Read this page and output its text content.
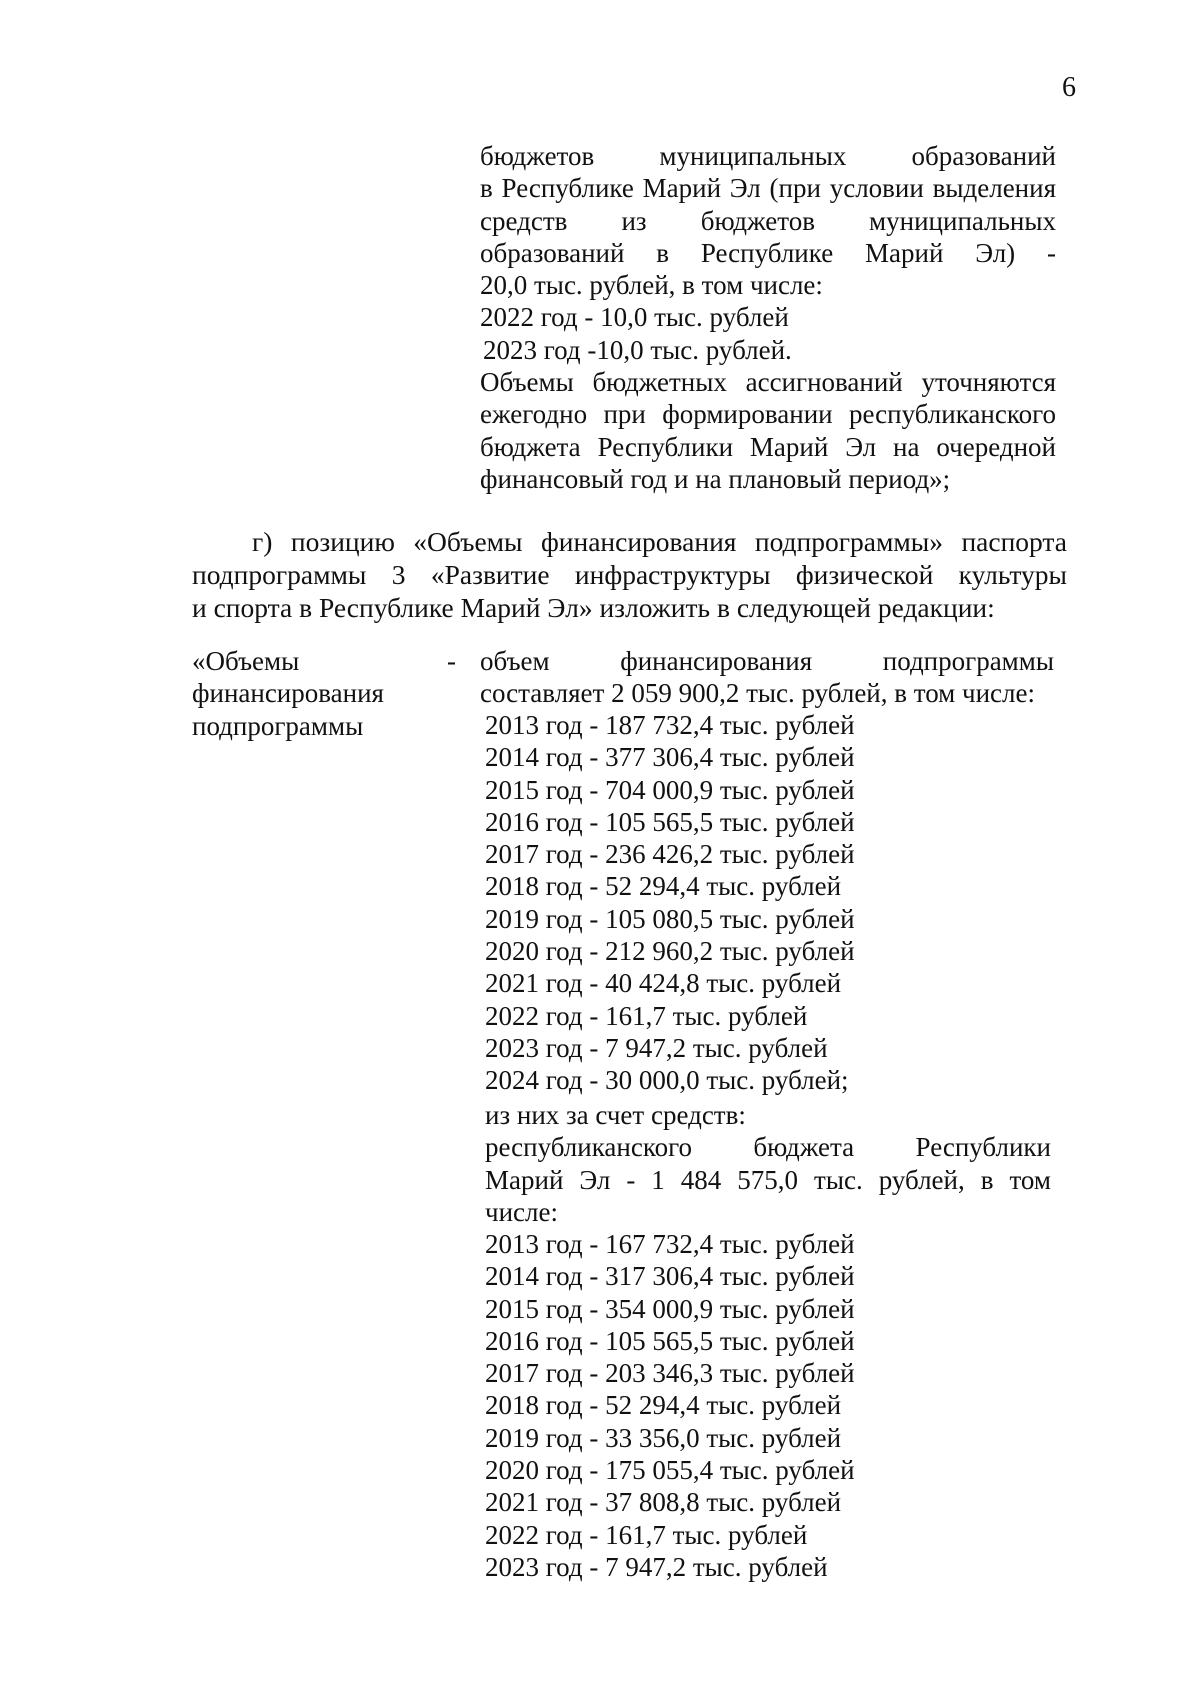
6
бюджетов муниципальных образований
в Республике Марий Эл (при условии выделения
средств из бюджетов муниципальных
образований в Республике Марий Эл) -
20,0 тыс. рублей, в том числе:
2022 год - 10,0 тыс. рублей
2023 год -10,0 тыс. рублей.
Объемы бюджетных ассигнований уточняются
ежегодно при формировании республиканского
бюджета Республики Марий Эл на очередной
финансовый год и на плановый период»;
г) позицию «Объемы финансирования подпрограммы» паспорта
подпрограммы 3 «Развитие инфраструктуры физической культуры
и спорта в Республике Марий Эл» изложить в следующей редакции:
«Объемы
финансирования
подпрограммы
- объем финансирования подпрограммы
составляет 2 059 900,2 тыс. рублей, в том числе:
2013 год - 187 732,4 тыс. рублей
2014 год - 377 306,4 тыс. рублей
2015 год - 704 000,9 тыс. рублей
2016 год - 105 565,5 тыс. рублей
2017 год - 236 426,2 тыс. рублей
2018 год - 52 294,4 тыс. рублей
2019 год - 105 080,5 тыс. рублей
2020 год - 212 960,2 тыс. рублей
2021 год - 40 424,8 тыс. рублей
2022 год - 161,7 тыс. рублей
2023 год - 7 947,2 тыс. рублей
2024 год - 30 000,0 тыс. рублей;
из них за счет средств:
республиканского бюджета Республики
Марий Эл - 1 484 575,0 тыс. рублей, в том
числе:
2013 год - 167 732,4 тыс. рублей
2014 год - 317 306,4 тыс. рублей
2015 год - 354 000,9 тыс. рублей
2016 год - 105 565,5 тыс. рублей
2017 год - 203 346,3 тыс. рублей
2018 год - 52 294,4 тыс. рублей
2019 год - 33 356,0 тыс. рублей
2020 год - 175 055,4 тыс. рублей
2021 год - 37 808,8 тыс. рублей
2022 год - 161,7 тыс. рублей
2023 год - 7 947,2 тыс. рублей
